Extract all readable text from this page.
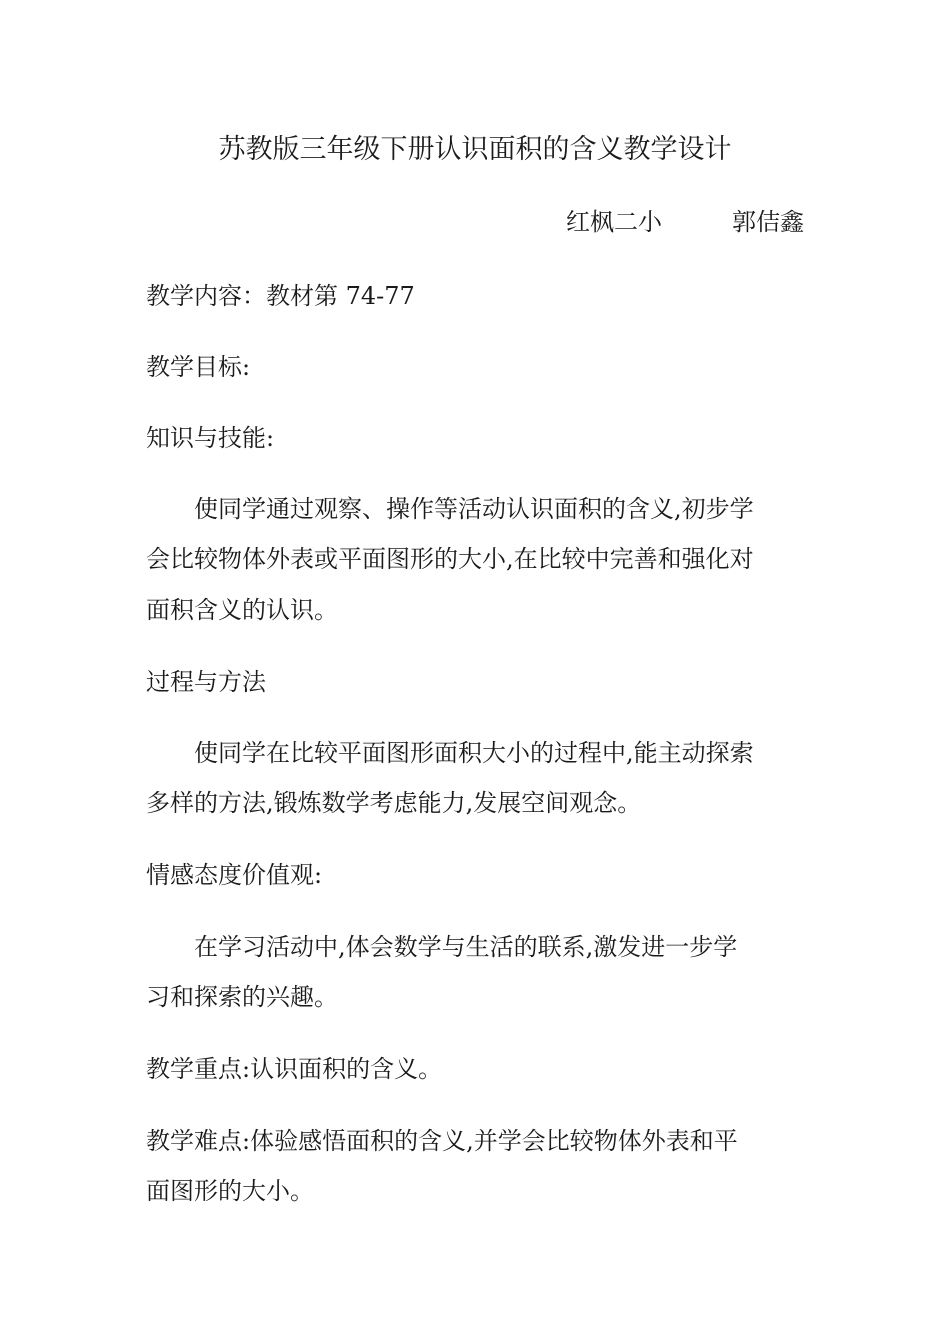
苏教版三年级下册认识面积的含义教学设计
红枫二小	郭佶鑫
教学内容：教材第 74-77
教学目标:
知识与技能:
　　使同学通过观察、操作等活动认识面积的含义,初步学
会比较物体外表或平面图形的大小,在比较中完善和强化对
面积含义的认识。
过程与方法
　　使同学在比较平面图形面积大小的过程中,能主动探索
多样的方法,锻炼数学考虑能力,发展空间观念。
情感态度价值观:
　　在学习活动中,体会数学与生活的联系,激发进一步学
习和探索的兴趣。
教学重点:认识面积的含义。
教学难点:体验感悟面积的含义,并学会比较物体外表和平
面图形的大小。
